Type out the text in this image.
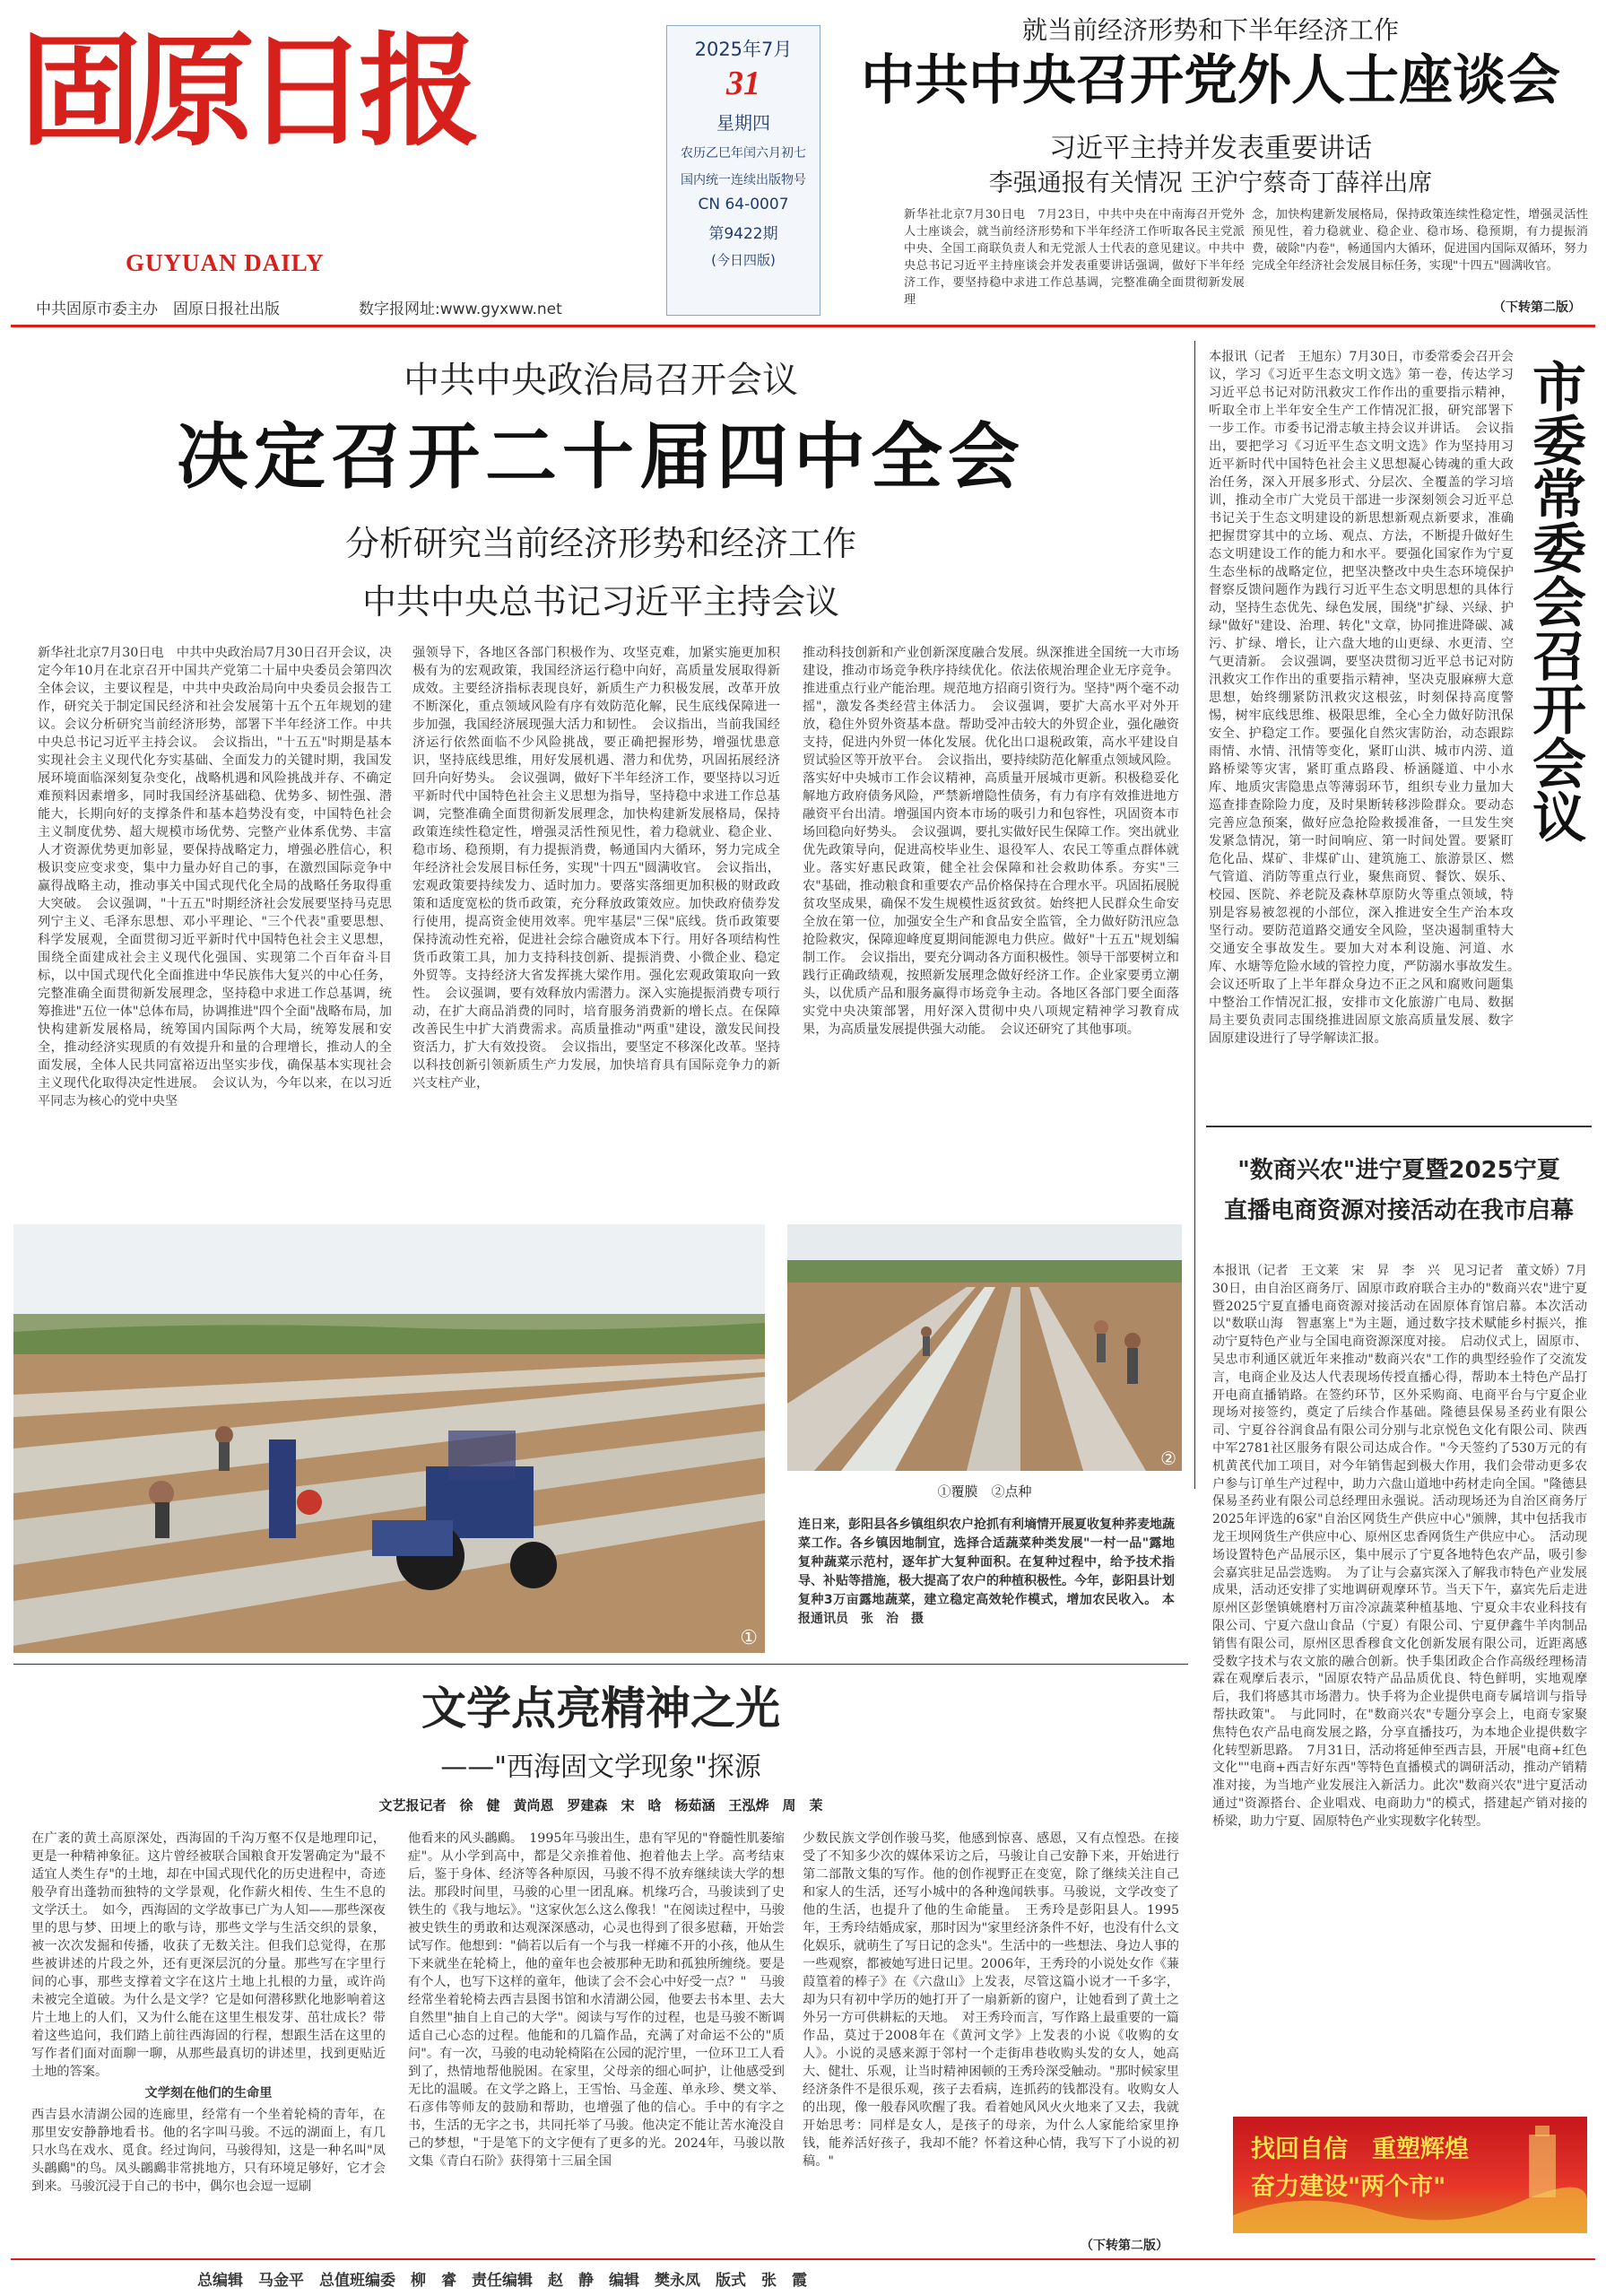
固原日报
GUYUAN DAILY
中共固原市委主办　固原日报社出版	数字报网址:www.gyxww.net
2025年7月
31
星期四
农历乙巳年闰六月初七
国内统一连续出版物号
CN 64-0007
第9422期
(今日四版)
就当前经济形势和下半年经济工作
中共中央召开党外人士座谈会
习近平主持并发表重要讲话
李强通报有关情况 王沪宁蔡奇丁薛祥出席
新华社北京7月30日电　7月23日，中共中央在中南海召开党外人士座谈会，就当前经济形势和下半年经济工作听取各民主党派中央、全国工商联负责人和无党派人士代表的意见建议。中共中央总书记习近平主持座谈会并发表重要讲话强调，做好下半年经济工作，要坚持稳中求进工作总基调，完整准确全面贯彻新发展理
念，加快构建新发展格局，保持政策连续性稳定性，增强灵活性预见性，着力稳就业、稳企业、稳市场、稳预期，有力提振消费，破除"内卷"，畅通国内大循环，促进国内国际双循环，努力完成全年经济社会发展目标任务，实现"十四五"圆满收官。
（下转第二版）
中共中央政治局召开会议
决定召开二十届四中全会
分析研究当前经济形势和经济工作
中共中央总书记习近平主持会议
新华社北京7月30日电　中共中央政治局7月30日召开会议，决定今年10月在北京召开中国共产党第二十届中央委员会第四次全体会议，主要议程是，中共中央政治局向中央委员会报告工作，研究关于制定国民经济和社会发展第十五个五年规划的建议。会议分析研究当前经济形势，部署下半年经济工作。中共中央总书记习近平主持会议。　会议指出，"十五五"时期是基本实现社会主义现代化夯实基础、全面发力的关键时期，我国发展环境面临深刻复杂变化，战略机遇和风险挑战并存、不确定难预料因素增多，同时我国经济基础稳、优势多、韧性强、潜能大，长期向好的支撑条件和基本趋势没有变，中国特色社会主义制度优势、超大规模市场优势、完整产业体系优势、丰富人才资源优势更加彰显，要保持战略定力，增强必胜信心，积极识变应变求变，集中力量办好自己的事，在激烈国际竞争中赢得战略主动，推动事关中国式现代化全局的战略任务取得重大突破。　会议强调，"十五五"时期经济社会发展要坚持马克思列宁主义、毛泽东思想、邓小平理论、"三个代表"重要思想、科学发展观，全面贯彻习近平新时代中国特色社会主义思想，围绕全面建成社会主义现代化强国、实现第二个百年奋斗目标，以中国式现代化全面推进中华民族伟大复兴的中心任务，完整准确全面贯彻新发展理念，坚持稳中求进工作总基调，统筹推进"五位一体"总体布局，协调推进"四个全面"战略布局，加快构建新发展格局，统筹国内国际两个大局，统筹发展和安全，推动经济实现质的有效提升和量的合理增长，推动人的全面发展，全体人民共同富裕迈出坚实步伐，确保基本实现社会主义现代化取得决定性进展。　会议认为，今年以来，在以习近平同志为核心的党中央坚
强领导下，各地区各部门积极作为、攻坚克难，加紧实施更加积极有为的宏观政策，我国经济运行稳中向好，高质量发展取得新成效。主要经济指标表现良好，新质生产力积极发展，改革开放不断深化，重点领域风险有序有效防范化解，民生底线保障进一步加强，我国经济展现强大活力和韧性。　会议指出，当前我国经济运行依然面临不少风险挑战，要正确把握形势，增强忧患意识，坚持底线思维，用好发展机遇、潜力和优势，巩固拓展经济回升向好势头。　会议强调，做好下半年经济工作，要坚持以习近平新时代中国特色社会主义思想为指导，坚持稳中求进工作总基调，完整准确全面贯彻新发展理念，加快构建新发展格局，保持政策连续性稳定性，增强灵活性预见性，着力稳就业、稳企业、稳市场、稳预期，有力提振消费，畅通国内大循环，努力完成全年经济社会发展目标任务，实现"十四五"圆满收官。　会议指出，宏观政策要持续发力、适时加力。要落实落细更加积极的财政政策和适度宽松的货币政策，充分释放政策效应。加快政府债券发行使用，提高资金使用效率。兜牢基层"三保"底线。货币政策要保持流动性充裕，促进社会综合融资成本下行。用好各项结构性货币政策工具，加力支持科技创新、提振消费、小微企业、稳定外贸等。支持经济大省发挥挑大梁作用。强化宏观政策取向一致性。　会议强调，要有效释放内需潜力。深入实施提振消费专项行动，在扩大商品消费的同时，培育服务消费新的增长点。在保障改善民生中扩大消费需求。高质量推动"两重"建设，激发民间投资活力，扩大有效投资。　会议指出，要坚定不移深化改革。坚持以科技创新引领新质生产力发展，加快培育具有国际竞争力的新兴支柱产业，
推动科技创新和产业创新深度融合发展。纵深推进全国统一大市场建设，推动市场竞争秩序持续优化。依法依规治理企业无序竞争。推进重点行业产能治理。规范地方招商引资行为。坚持"两个毫不动摇"，激发各类经营主体活力。　会议强调，要扩大高水平对外开放，稳住外贸外资基本盘。帮助受冲击较大的外贸企业，强化融资支持，促进内外贸一体化发展。优化出口退税政策，高水平建设自贸试验区等开放平台。　会议指出，要持续防范化解重点领域风险。落实好中央城市工作会议精神，高质量开展城市更新。积极稳妥化解地方政府债务风险，严禁新增隐性债务，有力有序有效推进地方融资平台出清。增强国内资本市场的吸引力和包容性，巩固资本市场回稳向好势头。　会议强调，要扎实做好民生保障工作。突出就业优先政策导向，促进高校毕业生、退役军人、农民工等重点群体就业。落实好惠民政策，健全社会保障和社会救助体系。夯实"三农"基础，推动粮食和重要农产品价格保持在合理水平。巩固拓展脱贫攻坚成果，确保不发生规模性返贫致贫。始终把人民群众生命安全放在第一位，加强安全生产和食品安全监管，全力做好防汛应急抢险救灾，保障迎峰度夏期间能源电力供应。做好"十五五"规划编制工作。　会议指出，要充分调动各方面积极性。领导干部要树立和践行正确政绩观，按照新发展理念做好经济工作。企业家要勇立潮头，以优质产品和服务赢得市场竞争主动。各地区各部门要全面落实党中央决策部署，用好深入贯彻中央八项规定精神学习教育成果，为高质量发展提供强大动能。　会议还研究了其他事项。
本报讯（记者　王旭东）7月30日，市委常委会召开会议，学习《习近平生态文明文选》第一卷，传达学习习近平总书记对防汛救灾工作作出的重要指示精神，听取全市上半年安全生产工作情况汇报，研究部署下一步工作。市委书记滑志敏主持会议并讲话。　会议指出，要把学习《习近平生态文明文选》作为坚持用习近平新时代中国特色社会主义思想凝心铸魂的重大政治任务，深入开展多形式、分层次、全覆盖的学习培训，推动全市广大党员干部进一步深刻领会习近平总书记关于生态文明建设的新思想新观点新要求，准确把握贯穿其中的立场、观点、方法，不断提升做好生态文明建设工作的能力和水平。要强化国家作为宁夏生态坐标的战略定位，把坚决整改中央生态环境保护督察反馈问题作为践行习近平生态文明思想的具体行动，坚持生态优先、绿色发展，围绕"扩绿、兴绿、护绿"做好"建设、治理、转化"文章，协同推进降碳、减污、扩绿、增长，让六盘大地的山更绿、水更清、空气更清新。　会议强调，要坚决贯彻习近平总书记对防汛救灾工作作出的重要指示精神，坚决克服麻痹大意思想，始终绷紧防汛救灾这根弦，时刻保持高度警惕，树牢底线思维、极限思维，全心全力做好防汛保安全、护稳定工作。要强化自然灾害防治，动态跟踪雨情、水情、汛情等变化，紧盯山洪、城市内涝、道路桥梁等灾害，紧盯重点路段、桥涵隧道、中小水库、地质灾害隐患点等薄弱环节，组织专业力量加大巡查排查除险力度，及时果断转移涉险群众。要动态完善应急预案，做好应急抢险救援准备，一旦发生突发紧急情况，第一时间响应、第一时间处置。要紧盯危化品、煤矿、非煤矿山、建筑施工、旅游景区、燃气管道、消防等重点行业，聚焦商贸、餐饮、娱乐、校园、医院、养老院及森林草原防火等重点领域，特别是容易被忽视的小部位，深入推进安全生产治本攻坚行动。要防范道路交通安全风险，坚决遏制重特大交通安全事故发生。要加大对本利设施、河道、水库、水塘等危险水域的管控力度，严防溺水事故发生。　会议还听取了上半年群众身边不正之风和腐败问题集中整治工作情况汇报，安排市文化旅游广电局、数据局主要负责同志围绕推进固原文旅高质量发展、数字固原建设进行了导学解读汇报。
市委常委会召开会议
"数商兴农"进宁夏暨2025宁夏
直播电商资源对接活动在我市启幕
本报讯（记者　王文莱　宋　昇　李　兴　见习记者　董文娇）7月30日，由自治区商务厅、固原市政府联合主办的"数商兴农"进宁夏暨2025宁夏直播电商资源对接活动在固原体育馆启幕。本次活动以"数联山海　智惠塞上"为主题，通过数字技术赋能乡村振兴，推动宁夏特色产业与全国电商资源深度对接。　启动仪式上，固原市、吴忠市利通区就近年来推动"数商兴农"工作的典型经验作了交流发言，电商企业及达人代表现场传授直播心得，帮助本土特色产品打开电商直播销路。在签约环节，区外采购商、电商平台与宁夏企业现场对接签约，奠定了后续合作基础。隆德县保易圣药业有限公司、宁夏谷谷润食品有限公司分别与北京悦色文化有限公司、陕西中军2781社区服务有限公司达成合作。"今天签约了530万元的有机黄芪代加工项目，对今年销售起到极大作用，我们会带动更多农户参与订单生产过程中，助力六盘山道地中药材走向全国。"隆德县保易圣药业有限公司总经理田永强说。活动现场还为自治区商务厅2025年评选的6家"自治区网货生产供应中心"颁牌，其中包括我市龙王坝网货生产供应中心、原州区忠香网货生产供应中心。　活动现场设置特色产品展示区，集中展示了宁夏各地特色农产品，吸引参会嘉宾驻足品尝选购。　为了让与会嘉宾深入了解我市特色产业发展成果，活动还安排了实地调研观摩环节。当天下午，嘉宾先后走进原州区彭堡镇姚磨村万亩冷凉蔬菜种植基地、宁夏众丰农业科技有限公司、宁夏六盘山食品（宁夏）有限公司、宁夏伊鑫牛羊肉制品销售有限公司，原州区思香穆食文化创新发展有限公司，近距离感受数字技术与农文旅的融合创新。快手集团政企合作高级经理杨清霖在观摩后表示，"固原农特产品品质优良、特色鲜明，实地观摩后，我们将感其市场潜力。快手将为企业提供电商专属培训与指导帮扶政策"。　与此同时，在"数商兴农"专题分享会上，电商专家聚焦特色农产品电商发展之路，分享直播技巧，为本地企业提供数字化转型新思路。　7月31日，活动将延伸至西吉县，开展"电商+红色文化""电商+西吉好东西"等特色直播模式的调研活动，推动产销精准对接，为当地产业发展注入新活力。此次"数商兴农"进宁夏活动通过"资源搭台、企业唱戏、电商助力"的模式，搭建起产销对接的桥梁，助力宁夏、固原特色产业实现数字化转型。
找回自信　重塑辉煌
奋力建设"两个市"
①
②
①覆膜　②点种
连日来，彭阳县各乡镇组织农户抢抓有利墒情开展夏收复种荞麦地蔬菜工作。各乡镇因地制宜，选择合适蔬菜种类发展"一村一品"露地复种蔬菜示范村，逐年扩大复种面积。在复种过程中，给予技术指导、补贴等措施，极大提高了农户的种植积极性。今年，彭阳县计划复种3万亩露地蔬菜，建立稳定高效轮作模式，增加农民收入。 本报通讯员　张　治　摄
文学点亮精神之光
——"西海固文学现象"探源
文艺报记者　徐　健　黄尚恩　罗建森　宋　晗　杨茹涵　王泓烨　周　茉
在广袤的黄土高原深处，西海固的千沟万壑不仅是地理印记，更是一种精神象征。这片曾经被联合国粮食开发署确定为"最不适宜人类生存"的土地，却在中国式现代化的历史进程中，奇迹般孕育出蓬勃而独特的文学景观，化作薪火相传、生生不息的文学沃土。　如今，西海固的文学故事已广为人知——那些深夜里的思与梦、田埂上的歌与诗，那些文学与生活交织的景象，被一次次发掘和传播，收获了无数关注。但我们总觉得，在那些被讲述的片段之外，还有更深层沉的分量。那些写在字里行间的心事，那些支撑着文字在这片土地上扎根的力量，或许尚未被完全道破。为什么是文学？它是如何潜移默化地影响着这片土地上的人们，又为什么能在这里生根发芽、茁壮成长？带着这些追问，我们踏上前往西海固的行程，想跟生活在这里的写作者们面对面聊一聊，从那些最真切的讲述里，找到更贴近土地的答案。
文学刻在他们的生命里
西吉县水清湖公园的连廊里，经常有一个坐着轮椅的青年，在那里安安静静地看书。他的名字叫马骏。不远的湖面上，有几只水鸟在戏水、觅食。经过询问，马骏得知，这是一种名叫"凤头鸊鷉"的鸟。凤头鸊鷉非常挑地方，只有环境足够好，它才会到来。马骏沉浸于自己的书中，偶尔也会逗一逗刷
他看来的风头鸊鷉。　1995年马骏出生，患有罕见的"脊髓性肌萎缩症"。从小学到高中，都是父亲推着他、抱着他去上学。高考结束后，鉴于身体、经济等各种原因，马骏不得不放弃继续读大学的想法。那段时间里，马骏的心里一团乱麻。机缘巧合，马骏读到了史铁生的《我与地坛》。"这家伙怎么这么像我！"在阅读过程中，马骏被史铁生的勇敢和达观深深感动，心灵也得到了很多慰藉，开始尝试写作。他想到："倘若以后有一个与我一样瘫不开的小孩，他从生下来就坐在轮椅上，他的童年也会被那种无助和孤独所缠绕。要是有个人，也写下这样的童年，他读了会不会心中好受一点？"　马骏经常坐着轮椅去西吉县图书馆和水清湖公园，他要去书本里、去大自然里"抽自上自己的大学"。阅读与写作的过程，也是马骏不断调适自己心态的过程。他能和的几篇作品，充满了对命运不公的"质问"。有一次，马骏的电动轮椅陷在公园的泥泞里，一位环卫工人看到了，热情地帮他脱困。在家里，父母亲的细心呵护，让他感受到无比的温暖。在文学之路上，王雪怡、马金莲、单永珍、樊文举、石彦伟等师友的鼓励和帮助，也增强了他的信心。手中的有字之书，生活的无字之书，共同托举了马骏。他决定不能让苦水淹没自己的梦想，"于是笔下的文字便有了更多的光。2024年，马骏以散文集《青白石阶》获得第十三届全国
少数民族文学创作骏马奖，他感到惊喜、感恩，又有点惶恐。在接受了不知多少次的媒体采访之后，马骏让自己安静下来，开始进行第二部散文集的写作。他的创作视野正在变宽，除了继续关注自己和家人的生活，还写小城中的各种逸闻轶事。马骏说，文学改变了他的生活，也提升了他的生命能量。　王秀玲是彭阳县人。1995年，王秀玲结婚成家，那时因为"家里经济条件不好，也没有什么文化娱乐，就萌生了写日记的念头"。生活中的一些想法、身边人事的一些观察，都被她写进日记里。2006年，王秀玲的小说处女作《蒹葭篁着的棒子》在《六盘山》上发表，尽管这篇小说才一千多字，却为只有初中学历的她打开了一扇新新的窗户，让她看到了黄土之外另一方可供耕耘的天地。　对王秀玲而言，写作路上最重要的一篇作品，莫过于2008年在《黄河文学》上发表的小说《收购的女人》。小说的灵感来源于邻村一个走街串巷收购头发的女人，她高大、健壮、乐观，让当时精神困顿的王秀玲深受触动。"那时候家里经济条件不是很乐观，孩子去看病，连抓药的钱都没有。收购女人的出现，像一般春风吹醒了我。看着她风风火火地来了又去，我就开始思考：同样是女人，是孩子的母亲，为什么人家能给家里挣钱，能养活好孩子，我却不能？怀着这种心情，我写下了小说的初稿。"
（下转第二版）
总编辑　马金平　总值班编委　柳　睿　责任编辑　赵　静　编辑　樊永凤　版式　张　霞
